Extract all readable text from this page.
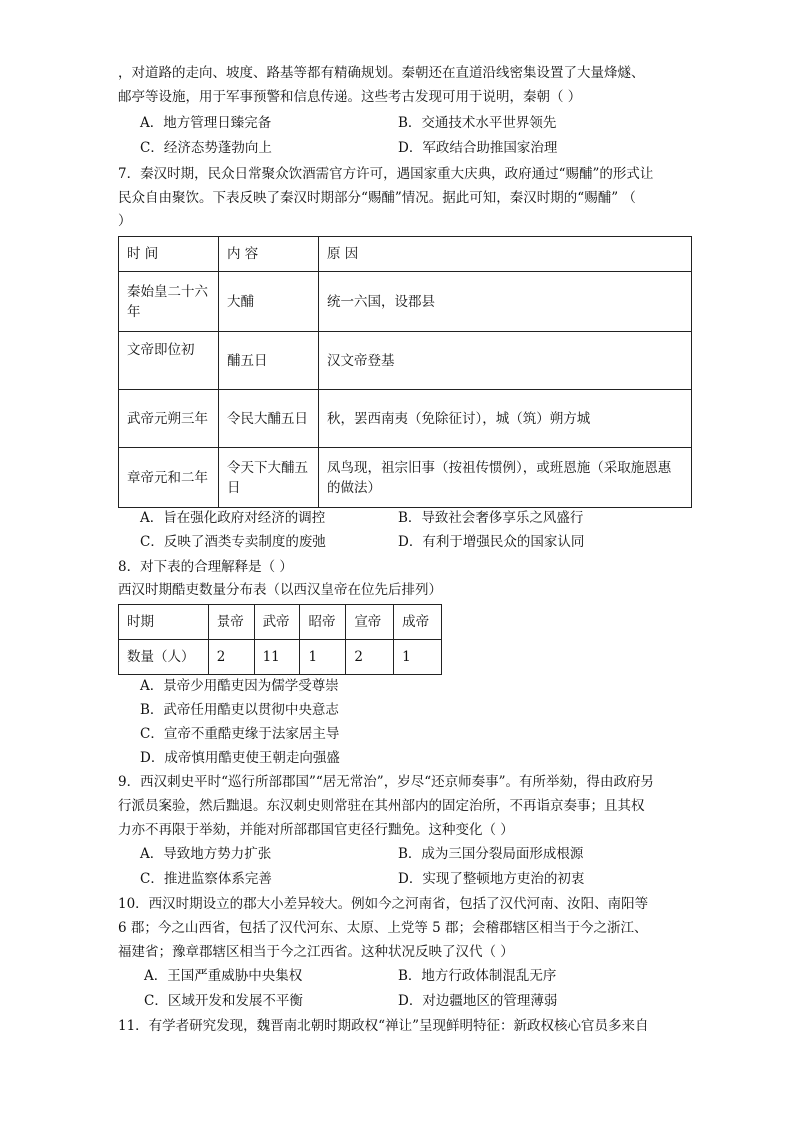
，对道路的走向、坡度、路基等都有精确规划。秦朝还在直道沿线密集设置了大量烽燧、
邮亭等设施，用于军事预警和信息传递。这些考古发现可用于说明，秦朝（ ）
A．地方管理日臻完备	B．交通技术水平世界领先
C．经济态势蓬勃向上	D．军政结合助推国家治理
7．秦汉时期，民众日常聚众饮酒需官方许可，遇国家重大庆典，政府通过“赐酺”的形式让
民众自由聚饮。下表反映了秦汉时期部分“赐酺”情况。据此可知，秦汉时期的“赐酺” （
）
时 间	内 容	原 因
秦始皇二十六年	大酺	统一六国，设郡县
文帝即位初	酺五日	汉文帝登基
武帝元朔三年	令民大酺五日	秋，罢西南夷（免除征讨），城（筑）朔方城
章帝元和二年	令天下大酺五日	凤鸟现，祖宗旧事（按祖传惯例），或班恩施（采取施恩惠的做法）
A．旨在强化政府对经济的调控	B．导致社会奢侈享乐之风盛行
C．反映了酒类专卖制度的废弛	D．有利于增强民众的国家认同
8．对下表的合理解释是（ ）
西汉时期酷吏数量分布表（以西汉皇帝在位先后排列）
时期	景帝	武帝	昭帝	宣帝	成帝
数量（人）	2	11	1	2	1
A．景帝少用酷吏因为儒学受尊崇
B．武帝任用酷吏以贯彻中央意志
C．宣帝不重酷吏缘于法家居主导
D．成帝慎用酷吏使王朝走向强盛
9．西汉刺史平时“巡行所部郡国”“居无常治”，岁尽“还京师奏事”。有所举劾，得由政府另
行派员案验，然后黜退。东汉刺史则常驻在其州部内的固定治所，不再诣京奏事；且其权
力亦不再限于举劾，并能对所部郡国官吏径行黜免。这种变化（ ）
A．导致地方势力扩张	B．成为三国分裂局面形成根源
C．推进监察体系完善	D．实现了整顿地方吏治的初衷
10．西汉时期设立的郡大小差异较大。例如今之河南省，包括了汉代河南、汝阳、南阳等
6 郡；今之山西省，包括了汉代河东、太原、上党等 5 郡；会稽郡辖区相当于今之浙江、
福建省；豫章郡辖区相当于今之江西省。这种状况反映了汉代（ ）
A．王国严重威胁中央集权	B．地方行政体制混乱无序
C．区域开发和发展不平衡	D．对边疆地区的管理薄弱
11．有学者研究发现，魏晋南北朝时期政权“禅让”呈现鲜明特征：新政权核心官员多来自
